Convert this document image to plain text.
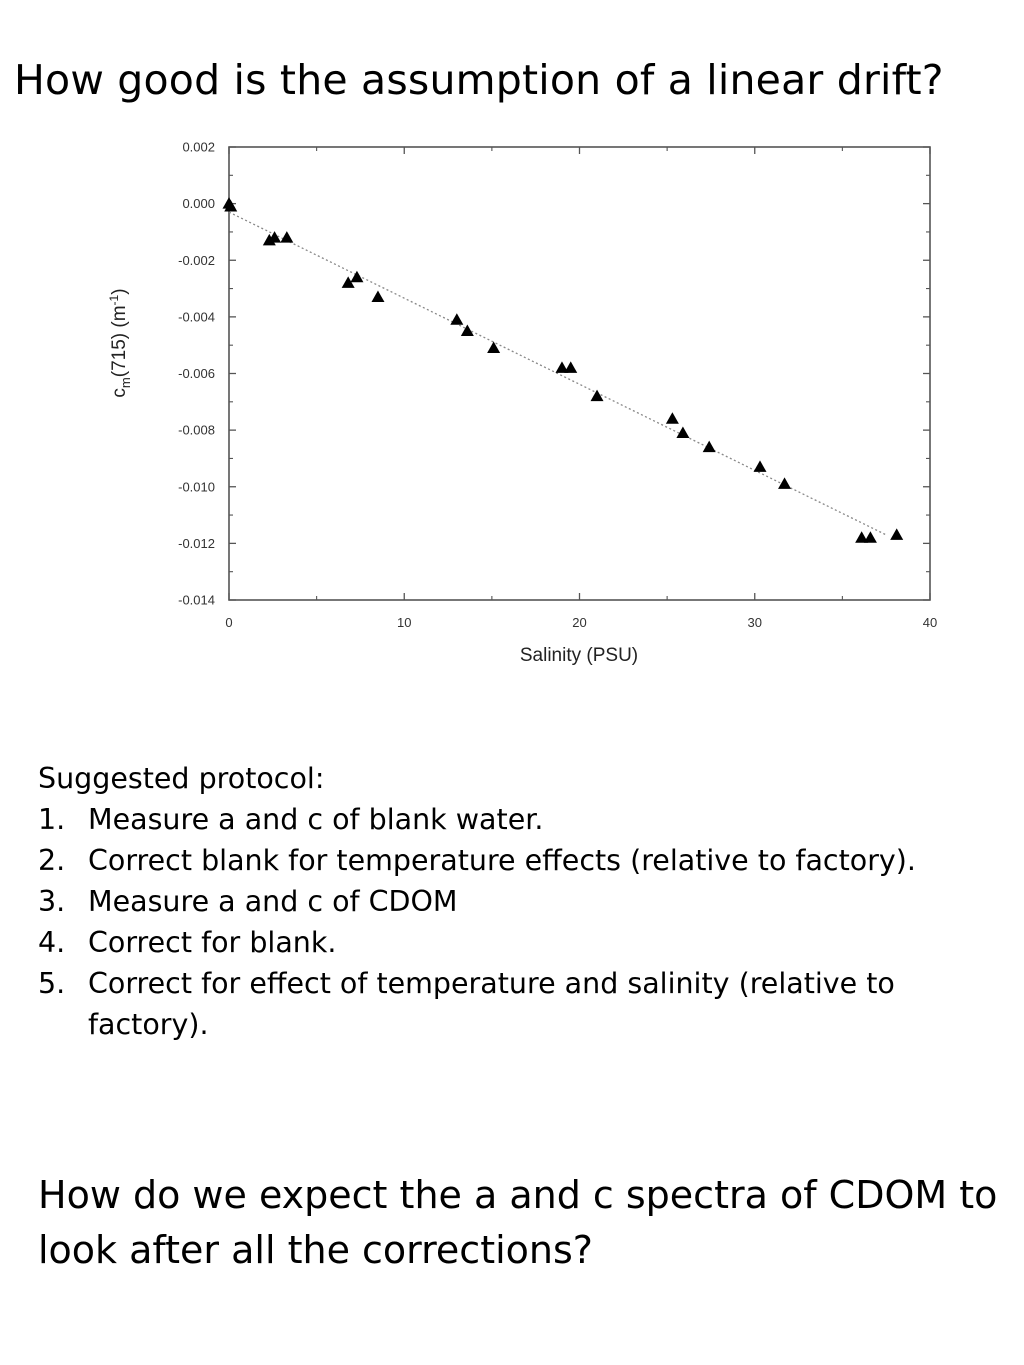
How good is the assumption of a linear drift?
0.002
0.000
-0.002
-0.004
-0.006
-0.008
-0.010
-0.012
-0.014
0	10	20	30	40
Salinity (PSU)
$c_m(715)$ $(m^{-1})$
Suggested protocol:
1. Measure a and c of blank water.
2. Correct blank for temperature effects (relative to factory).
3. Measure a and c of CDOM
4. Correct for blank.
5. Correct for effect of temperature and salinity (relative to factory).
How do we expect the a and c spectra of CDOM to look after all the corrections?
